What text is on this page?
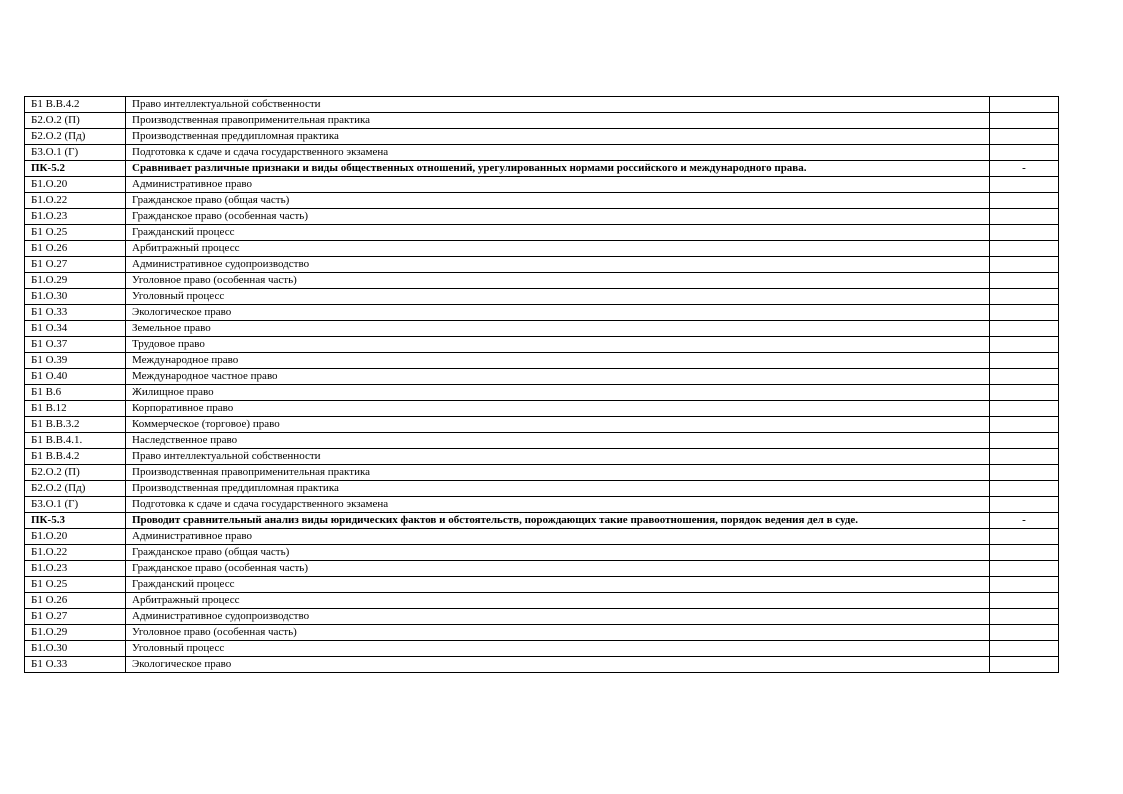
Б1 В.В.4.2	Право интеллектуальной собственности	
Б2.О.2 (П)	Производственная правоприменительная практика	
Б2.О.2 (Пд)	Производственная преддипломная практика	
Б3.О.1 (Г)	Подготовка к сдаче и сдача государственного экзамена	
ПК-5.2	Сравнивает различные признаки и виды общественных отношений, урегулированных нормами российского и международного права.	-
Б1.О.20	Административное право	
Б1.О.22	Гражданское право (общая часть)	
Б1.О.23	Гражданское право (особенная часть)	
Б1 О.25	Гражданский процесс	
Б1 О.26	Арбитражный процесс	
Б1 О.27	Административное судопроизводство	
Б1.О.29	Уголовное право (особенная часть)	
Б1.О.30	Уголовный процесс	
Б1 О.33	Экологическое право	
Б1 О.34	Земельное право	
Б1 О.37	Трудовое право	
Б1 О.39	Международное право	
Б1 О.40	Международное частное право	
Б1 В.6	Жилищное право	
Б1 В.12	Корпоративное право	
Б1 В.В.3.2	Коммерческое (торговое) право	
Б1 В.В.4.1.	Наследственное право	
Б1 В.В.4.2	Право интеллектуальной собственности	
Б2.О.2 (П)	Производственная правоприменительная практика	
Б2.О.2 (Пд)	Производственная преддипломная практика	
Б3.О.1 (Г)	Подготовка к сдаче и сдача государственного экзамена	
ПК-5.3	Проводит сравнительный анализ виды юридических фактов и обстоятельств, порождающих такие правоотношения, порядок ведения дел в суде.	-
Б1.О.20	Административное право	
Б1.О.22	Гражданское право (общая часть)	
Б1.О.23	Гражданское право (особенная часть)	
Б1 О.25	Гражданский процесс	
Б1 О.26	Арбитражный процесс	
Б1 О.27	Административное судопроизводство	
Б1.О.29	Уголовное право (особенная часть)	
Б1.О.30	Уголовный процесс	
Б1 О.33	Экологическое право	
